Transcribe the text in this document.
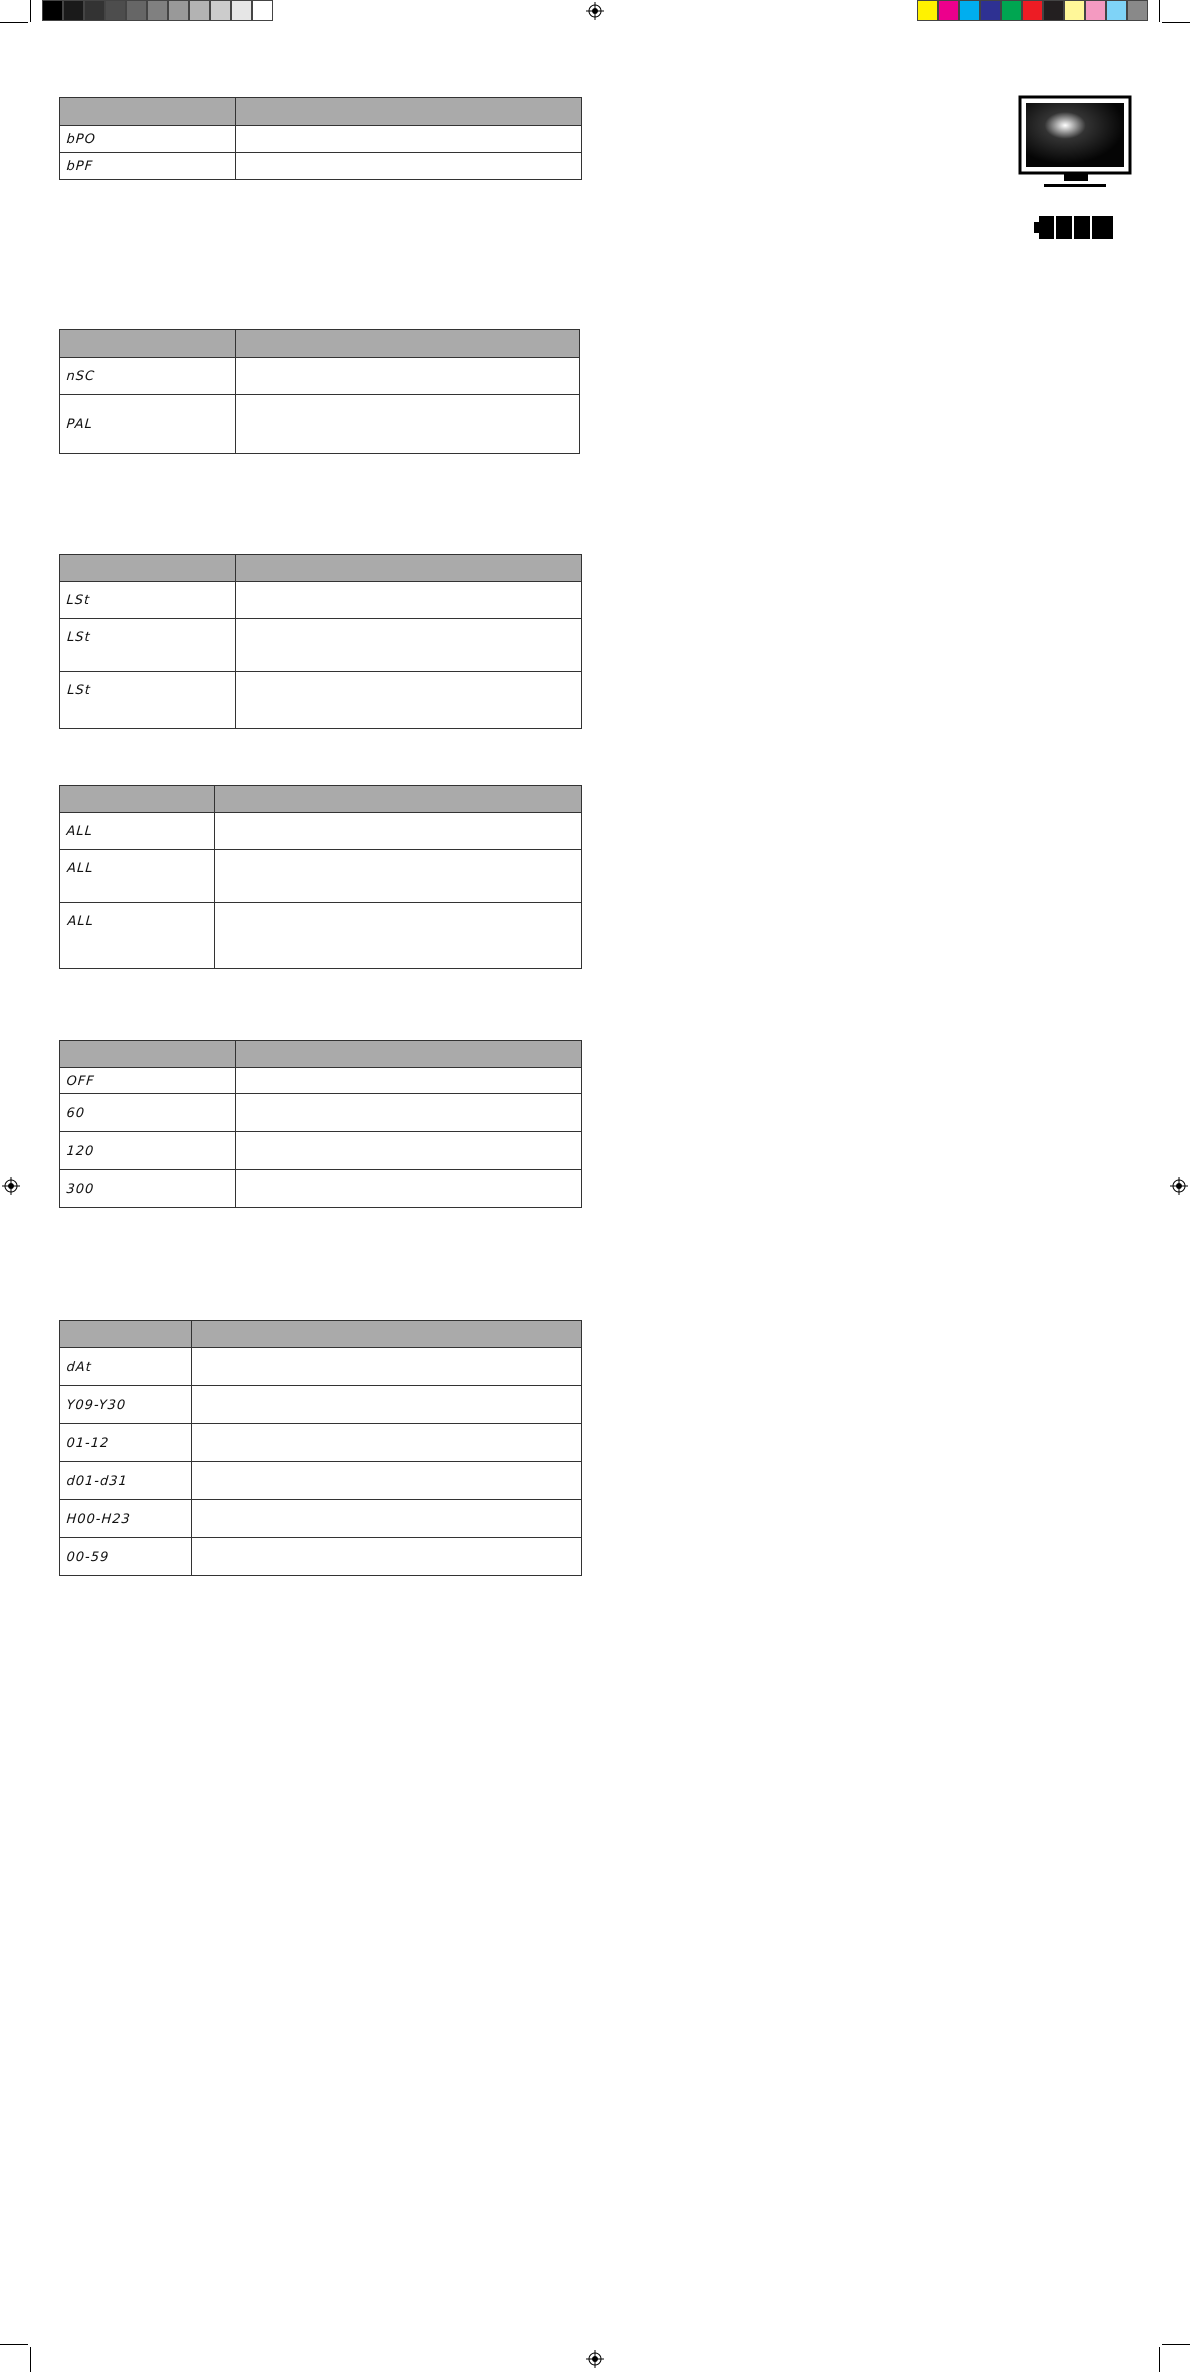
bPO	
bPF	

nSC	
PAL	

LSt	
LSt	
LSt	

ALL	
ALL	
ALL	

OFF	
60	
120	
300	

dAt	
Y09-Y30	
01-12	
d01-d31	
H00-H23	
00-59	
